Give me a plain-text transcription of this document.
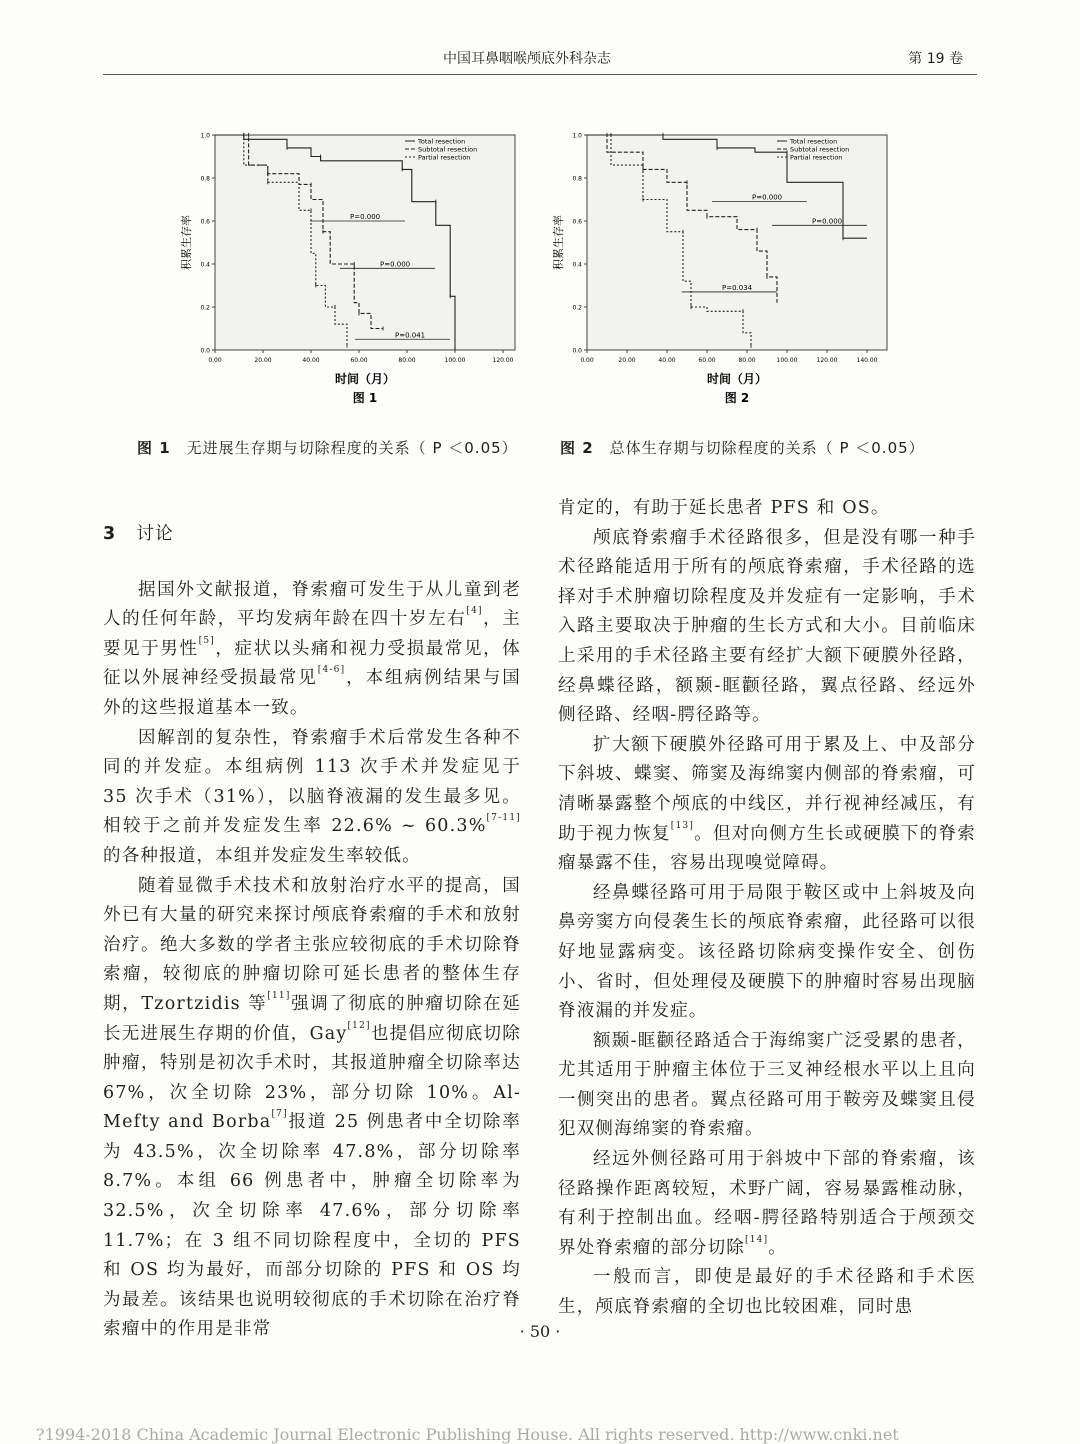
中国耳鼻咽喉颅底外科杂志	第 19 卷
0.0
0.2
0.4
0.6
0.8
1.0
0.00	20.00	40.00	60.00	80.00	100.00	120.00
Total resection
Subtotal resection
Partial resection
P=0.000
P=0.000
P=0.041
积累生存率
时间（月）
图 1
0.0
0.2
0.4
0.6
0.8
1.0
0.00	20.00	40.00	60.00	80.00	100.00	120.00	140.00
Total resection
Subtotal resection
Partial resection
P=0.000
P=0.000
P=0.034
积累生存率
时间（月）
图 2
图 1 无进展生存期与切除程度的关系（ P ＜0.05）	图 2 总体生存期与切除程度的关系（ P ＜0.05）
3 讨论

据国外文献报道，脊索瘤可发生于从儿童到老人的任何年龄，平均发病年龄在四十岁左右[4]，主要见于男性[5]，症状以头痛和视力受损最常见，体征以外展神经受损最常见[4-6]，本组病例结果与国外的这些报道基本一致。

因解剖的复杂性，脊索瘤手术后常发生各种不同的并发症。本组病例 113 次手术并发症见于 35 次手术（31%），以脑脊液漏的发生最多见。相较于之前并发症发生率 22.6% ~ 60.3%[7-11]的各种报道，本组并发症发生率较低。

随着显微手术技术和放射治疗水平的提高，国外已有大量的研究来探讨颅底脊索瘤的手术和放射治疗。绝大多数的学者主张应较彻底的手术切除脊索瘤，较彻底的肿瘤切除可延长患者的整体生存期，Tzortzidis 等[11]强调了彻底的肿瘤切除在延长无进展生存期的价值，Gay[12]也提倡应彻底切除肿瘤，特别是初次手术时，其报道肿瘤全切除率达 67%，次全切除 23%，部分切除 10%。Al-Mefty and Borba[7]报道 25 例患者中全切除率为 43.5%，次全切除率 47.8%，部分切除率 8.7%。本组 66 例患者中，肿瘤全切除率为 32.5%，次全切除率 47.6%，部分切除率 11.7%；在 3 组不同切除程度中，全切的 PFS 和 OS 均为最好，而部分切除的 PFS 和 OS 均为最差。该结果也说明较彻底的手术切除在治疗脊索瘤中的作用是非常

肯定的，有助于延长患者 PFS 和 OS。

颅底脊索瘤手术径路很多，但是没有哪一种手术径路能适用于所有的颅底脊索瘤，手术径路的选择对手术肿瘤切除程度及并发症有一定影响，手术入路主要取决于肿瘤的生长方式和大小。目前临床上采用的手术径路主要有经扩大额下硬膜外径路，经鼻蝶径路，额颞-眶颧径路，翼点径路、经远外侧径路、经咽-腭径路等。

扩大额下硬膜外径路可用于累及上、中及部分下斜坡、蝶窦、筛窦及海绵窦内侧部的脊索瘤，可清晰暴露整个颅底的中线区，并行视神经减压，有助于视力恢复[13]。但对向侧方生长或硬膜下的脊索瘤暴露不佳，容易出现嗅觉障碍。

经鼻蝶径路可用于局限于鞍区或中上斜坡及向鼻旁窦方向侵袭生长的颅底脊索瘤，此径路可以很好地显露病变。该径路切除病变操作安全、创伤小、省时，但处理侵及硬膜下的肿瘤时容易出现脑脊液漏的并发症。

额颞-眶颧径路适合于海绵窦广泛受累的患者，尤其适用于肿瘤主体位于三叉神经根水平以上且向一侧突出的患者。翼点径路可用于鞍旁及蝶窦且侵犯双侧海绵窦的脊索瘤。

经远外侧径路可用于斜坡中下部的脊索瘤，该径路操作距离较短，术野广阔，容易暴露椎动脉，有利于控制出血。经咽-腭径路特别适合于颅颈交界处脊索瘤的部分切除[14]。

一般而言，即使是最好的手术径路和手术医生，颅底脊索瘤的全切也比较困难，同时患

· 50 ·
?1994-2018 China Academic Journal Electronic Publishing House. All rights reserved. http://www.cnki.net
